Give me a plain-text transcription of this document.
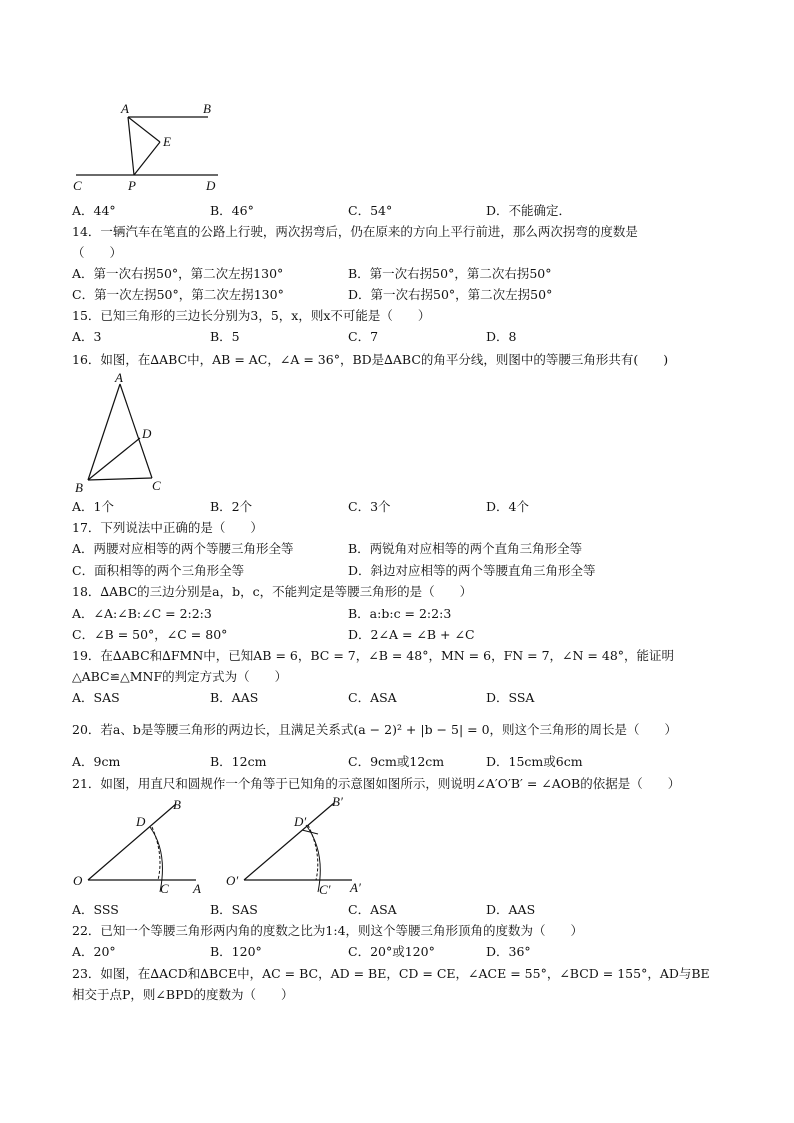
A	B
E
C	P	D
A．44°	B．46°	C．54°	D．不能确定．
14．一辆汽车在笔直的公路上行驶，两次拐弯后，仍在原来的方向上平行前进，那么两次拐弯的度数是
（　　）
A．第一次右拐50°，第二次左拐130°	B．第一次右拐50°，第二次右拐50°
C．第一次左拐50°，第二次左拐130°	D．第一次右拐50°，第二次左拐50°
15．已知三角形的三边长分别为3，5，x，则x不可能是（　　）
A．3	B．5	C．7	D．8
16．如图，在∆ABC中，AB = AC，∠A = 36°，BD是∆ABC的角平分线，则图中的等腰三角形共有(　　)
A
D
B	C
A．1个	B．2个	C．3个	D．4个
17．下列说法中正确的是（　　）
A．两腰对应相等的两个等腰三角形全等	B．两锐角对应相等的两个直角三角形全等
C．面积相等的两个三角形全等	D．斜边对应相等的两个等腰直角三角形全等
18．∆ABC的三边分别是a，b，c，不能判定是等腰三角形的是（　　）
A．∠A:∠B:∠C = 2:2:3	B．a:b:c = 2:2:3
C．∠B = 50°，∠C = 80°	D．2∠A = ∠B + ∠C
19．在∆ABC和∆FMN中，已知AB = 6，BC = 7，∠B = 48°，MN = 6，FN = 7，∠N = 48°，能证明
△ABC≌△MNF的判定方式为（　　）
A．SAS	B．AAS	C．ASA	D．SSA
20．若a、b是等腰三角形的两边长，且满足关系式(a − 2)² + |b − 5| = 0，则这个三角形的周长是（　　）
A．9cm	B．12cm	C．9cm或12cm	D．15cm或6cm
21．如图，用直尺和圆规作一个角等于已知角的示意图如图所示，则说明∠A′O′B′ = ∠AOB的依据是（　　）
O
A
B
C
D
O′	A′
B′
C′
D′
A．SSS	B．SAS	C．ASA	D．AAS
22．已知一个等腰三角形两内角的度数之比为1:4，则这个等腰三角形顶角的度数为（　　）
A．20°	B．120°	C．20°或120°	D．36°
23．如图，在∆ACD和∆BCE中，AC = BC，AD = BE，CD = CE，∠ACE = 55°，∠BCD = 155°，AD与BE
相交于点P，则∠BPD的度数为（　　）
